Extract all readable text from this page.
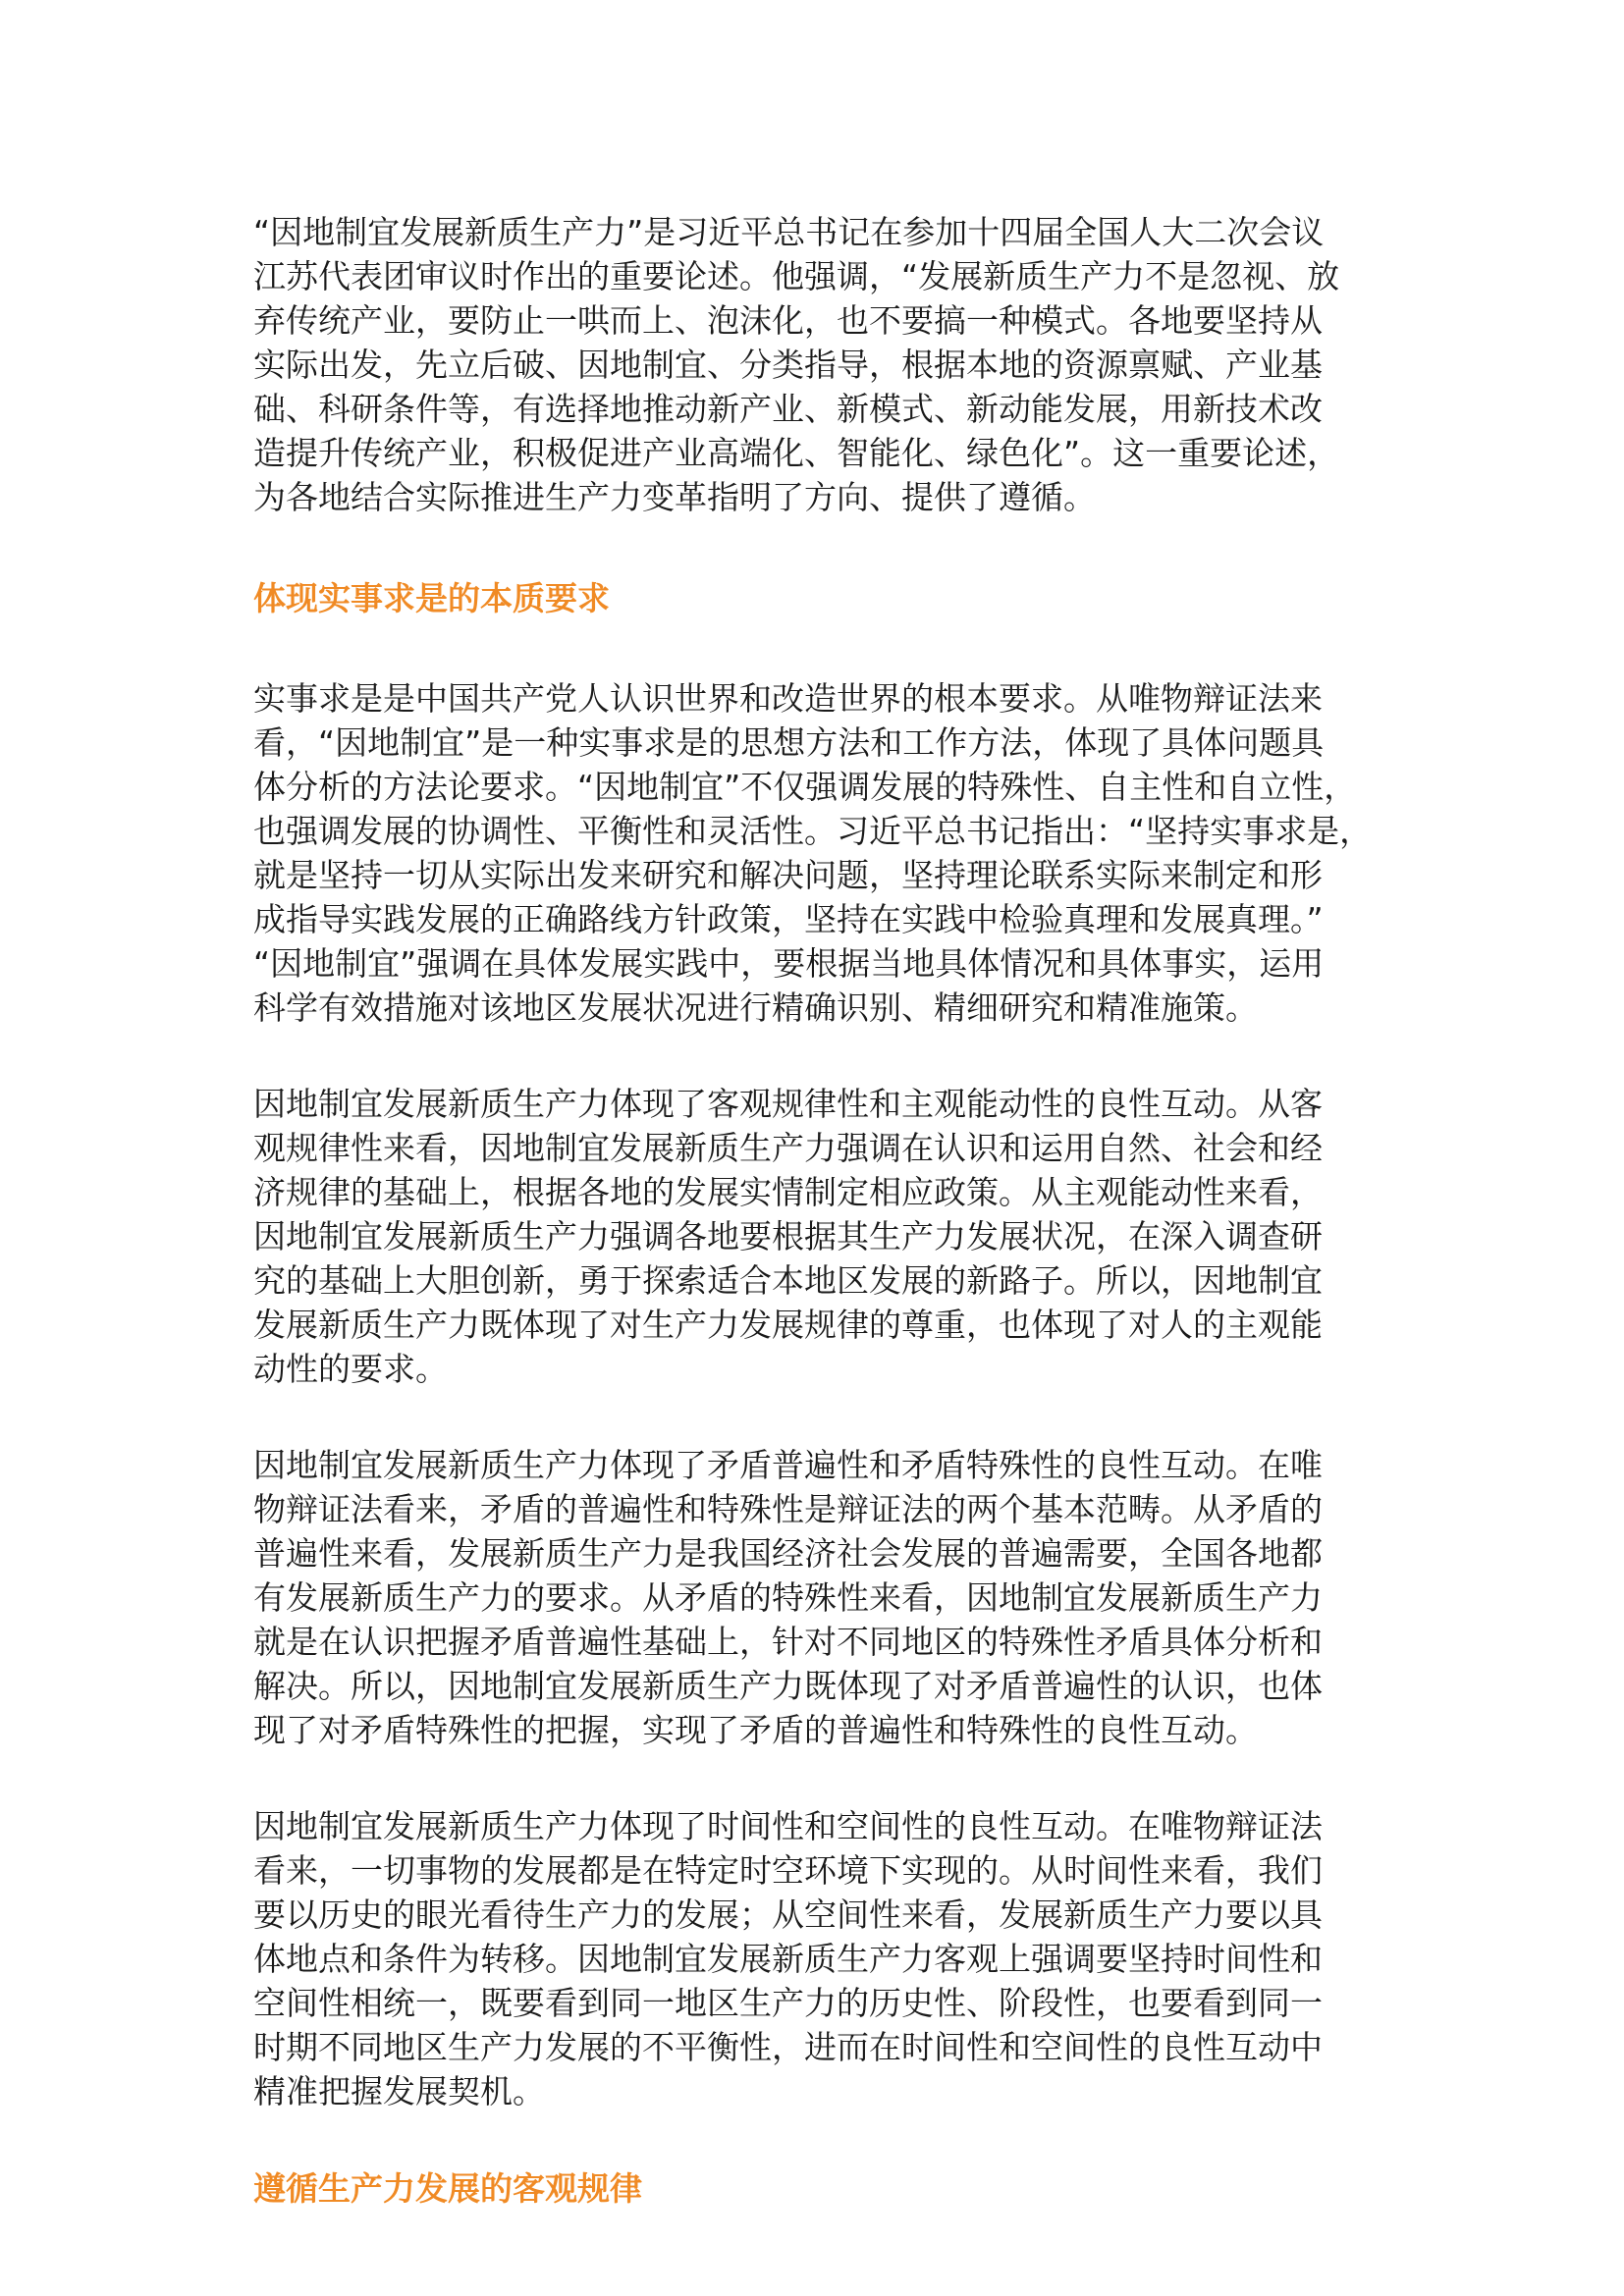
“因地制宜发展新质生产力”是习近平总书记在参加十四届全国人大二次会议
江苏代表团审议时作出的重要论述。他强调，“发展新质生产力不是忽视、放
弃传统产业，要防止一哄而上、泡沫化，也不要搞一种模式。各地要坚持从
实际出发，先立后破、因地制宜、分类指导，根据本地的资源禀赋、产业基
础、科研条件等，有选择地推动新产业、新模式、新动能发展，用新技术改
造提升传统产业，积极促进产业高端化、智能化、绿色化”。这一重要论述，
为各地结合实际推进生产力变革指明了方向、提供了遵循。

体现实事求是的本质要求

实事求是是中国共产党人认识世界和改造世界的根本要求。从唯物辩证法来
看，“因地制宜”是一种实事求是的思想方法和工作方法，体现了具体问题具
体分析的方法论要求。“因地制宜”不仅强调发展的特殊性、自主性和自立性，
也强调发展的协调性、平衡性和灵活性。习近平总书记指出：“坚持实事求是，
就是坚持一切从实际出发来研究和解决问题，坚持理论联系实际来制定和形
成指导实践发展的正确路线方针政策，坚持在实践中检验真理和发展真理。”
“因地制宜”强调在具体发展实践中，要根据当地具体情况和具体事实，运用
科学有效措施对该地区发展状况进行精确识别、精细研究和精准施策。

因地制宜发展新质生产力体现了客观规律性和主观能动性的良性互动。从客
观规律性来看，因地制宜发展新质生产力强调在认识和运用自然、社会和经
济规律的基础上，根据各地的发展实情制定相应政策。从主观能动性来看，
因地制宜发展新质生产力强调各地要根据其生产力发展状况，在深入调查研
究的基础上大胆创新，勇于探索适合本地区发展的新路子。所以，因地制宜
发展新质生产力既体现了对生产力发展规律的尊重，也体现了对人的主观能
动性的要求。

因地制宜发展新质生产力体现了矛盾普遍性和矛盾特殊性的良性互动。在唯
物辩证法看来，矛盾的普遍性和特殊性是辩证法的两个基本范畴。从矛盾的
普遍性来看，发展新质生产力是我国经济社会发展的普遍需要，全国各地都
有发展新质生产力的要求。从矛盾的特殊性来看，因地制宜发展新质生产力
就是在认识把握矛盾普遍性基础上，针对不同地区的特殊性矛盾具体分析和
解决。所以，因地制宜发展新质生产力既体现了对矛盾普遍性的认识，也体
现了对矛盾特殊性的把握，实现了矛盾的普遍性和特殊性的良性互动。

因地制宜发展新质生产力体现了时间性和空间性的良性互动。在唯物辩证法
看来，一切事物的发展都是在特定时空环境下实现的。从时间性来看，我们
要以历史的眼光看待生产力的发展；从空间性来看，发展新质生产力要以具
体地点和条件为转移。因地制宜发展新质生产力客观上强调要坚持时间性和
空间性相统一，既要看到同一地区生产力的历史性、阶段性，也要看到同一
时期不同地区生产力发展的不平衡性，进而在时间性和空间性的良性互动中
精准把握发展契机。

遵循生产力发展的客观规律
